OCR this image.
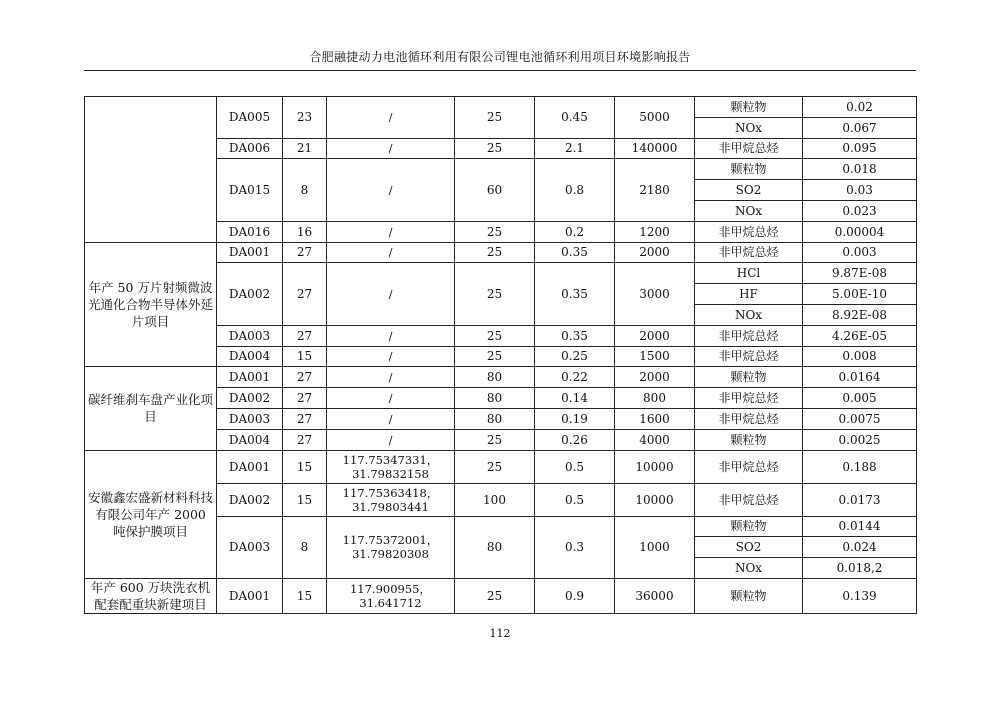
合肥融捷动力电池循环利用有限公司锂电池循环利用项目环境影响报告
	DA005	23	/	25	0.45	5000	颗粒物	0.02
							NOx	0.067
	DA006	21	/	25	2.1	140000	非甲烷总烃	0.095
	DA015	8	/	60	0.8	2180	颗粒物	0.018
							SO2	0.03
							NOx	0.023
	DA016	16	/	25	0.2	1200	非甲烷总烃	0.00004
年产 50 万片射频微波光通化合物半导体外延片项目	DA001	27	/	25	0.35	2000	非甲烷总烃	0.003
	DA002	27	/	25	0.35	3000	HCl	9.87E-08
							HF	5.00E-10
							NOx	8.92E-08
	DA003	27	/	25	0.35	2000	非甲烷总烃	4.26E-05
	DA004	15	/	25	0.25	1500	非甲烷总烃	0.008
碳纤维刹车盘产业化项目	DA001	27	/	80	0.22	2000	颗粒物	0.0164
	DA002	27	/	80	0.14	800	非甲烷总烃	0.005
	DA003	27	/	80	0.19	1600	非甲烷总烃	0.0075
	DA004	27	/	25	0.26	4000	颗粒物	0.0025
安徽鑫宏盛新材料科技有限公司年产 2000 吨保护膜项目	DA001	15	117.75347331，
31.79832158	25	0.5	10000	非甲烷总烃	0.188
	DA002	15	117.75363418，
31.79803441	100	0.5	10000	非甲烷总烃	0.0173
	DA003	8	117.75372001，
31.79820308	80	0.3	1000	颗粒物	0.0144
							SO2	0.024
							NOx	0.018,2
年产 600 万块洗衣机配套配重块新建项目	DA001	15	117.900955，31.641712	25	0.9	36000	颗粒物	0.139
112
